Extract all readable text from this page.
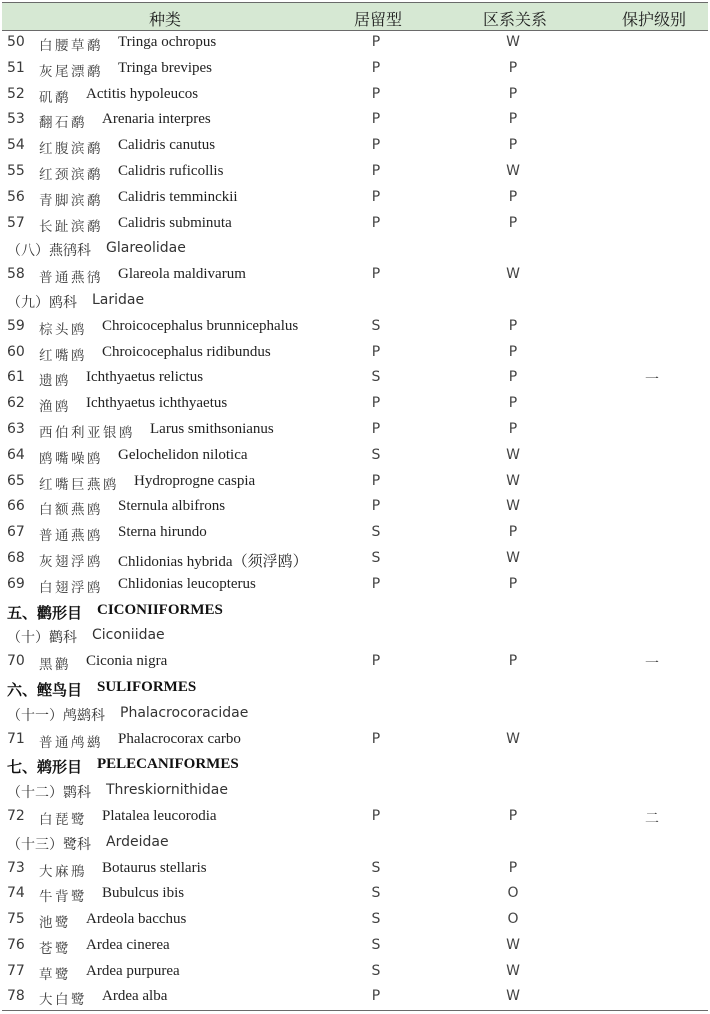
种类	居留型	区系关系	保护级别
50 白腰草鹬 Tringa ochropus	P	W
51 灰尾漂鹬 Tringa brevipes	P	P
52 矶鹬 Actitis hypoleucos	P	P
53 翻石鹬 Arenaria interpres	P	P
54 红腹滨鹬 Calidris canutus	P	P
55 红颈滨鹬 Calidris ruficollis	P	W
56 青脚滨鹬 Calidris temminckii	P	P
57 长趾滨鹬 Calidris subminuta	P	P
（八）燕鸻科 Glareolidae
58 普通燕鸻 Glareola maldivarum	P	W
（九）鸥科 Laridae
59 棕头鸥 Chroicocephalus brunnicephalus	S	P
60 红嘴鸥 Chroicocephalus ridibundus	P	P
61 遗鸥 Ichthyaetus relictus	S	P	一
62 渔鸥 Ichthyaetus ichthyaetus	P	P
63 西伯利亚银鸥 Larus smithsonianus	P	P
64 鸥嘴噪鸥 Gelochelidon nilotica	S	W
65 红嘴巨燕鸥 Hydroprogne caspia	P	W
66 白额燕鸥 Sternula albifrons	P	W
67 普通燕鸥 Sterna hirundo	S	P
68 灰翅浮鸥 Chlidonias hybrida（须浮鸥）	S	W
69 白翅浮鸥 Chlidonias leucopterus	P	P
五、鹳形目 CICONIIFORMES
（十）鹳科 Ciconiidae
70 黑鹳 Ciconia nigra	P	P	一
六、鲣鸟目 SULIFORMES
（十一）鸬鹚科 Phalacrocoracidae
71 普通鸬鹚 Phalacrocorax carbo	P	W
七、鹈形目 PELECANIFORMES
（十二）鹮科 Threskiornithidae
72 白琵鹭 Platalea leucorodia	P	P	二
（十三）鹭科 Ardeidae
73 大麻鳽 Botaurus stellaris	S	P
74 牛背鹭 Bubulcus ibis	S	O
75 池鹭 Ardeola bacchus	S	O
76 苍鹭 Ardea cinerea	S	W
77 草鹭 Ardea purpurea	S	W
78 大白鹭 Ardea alba	P	W
